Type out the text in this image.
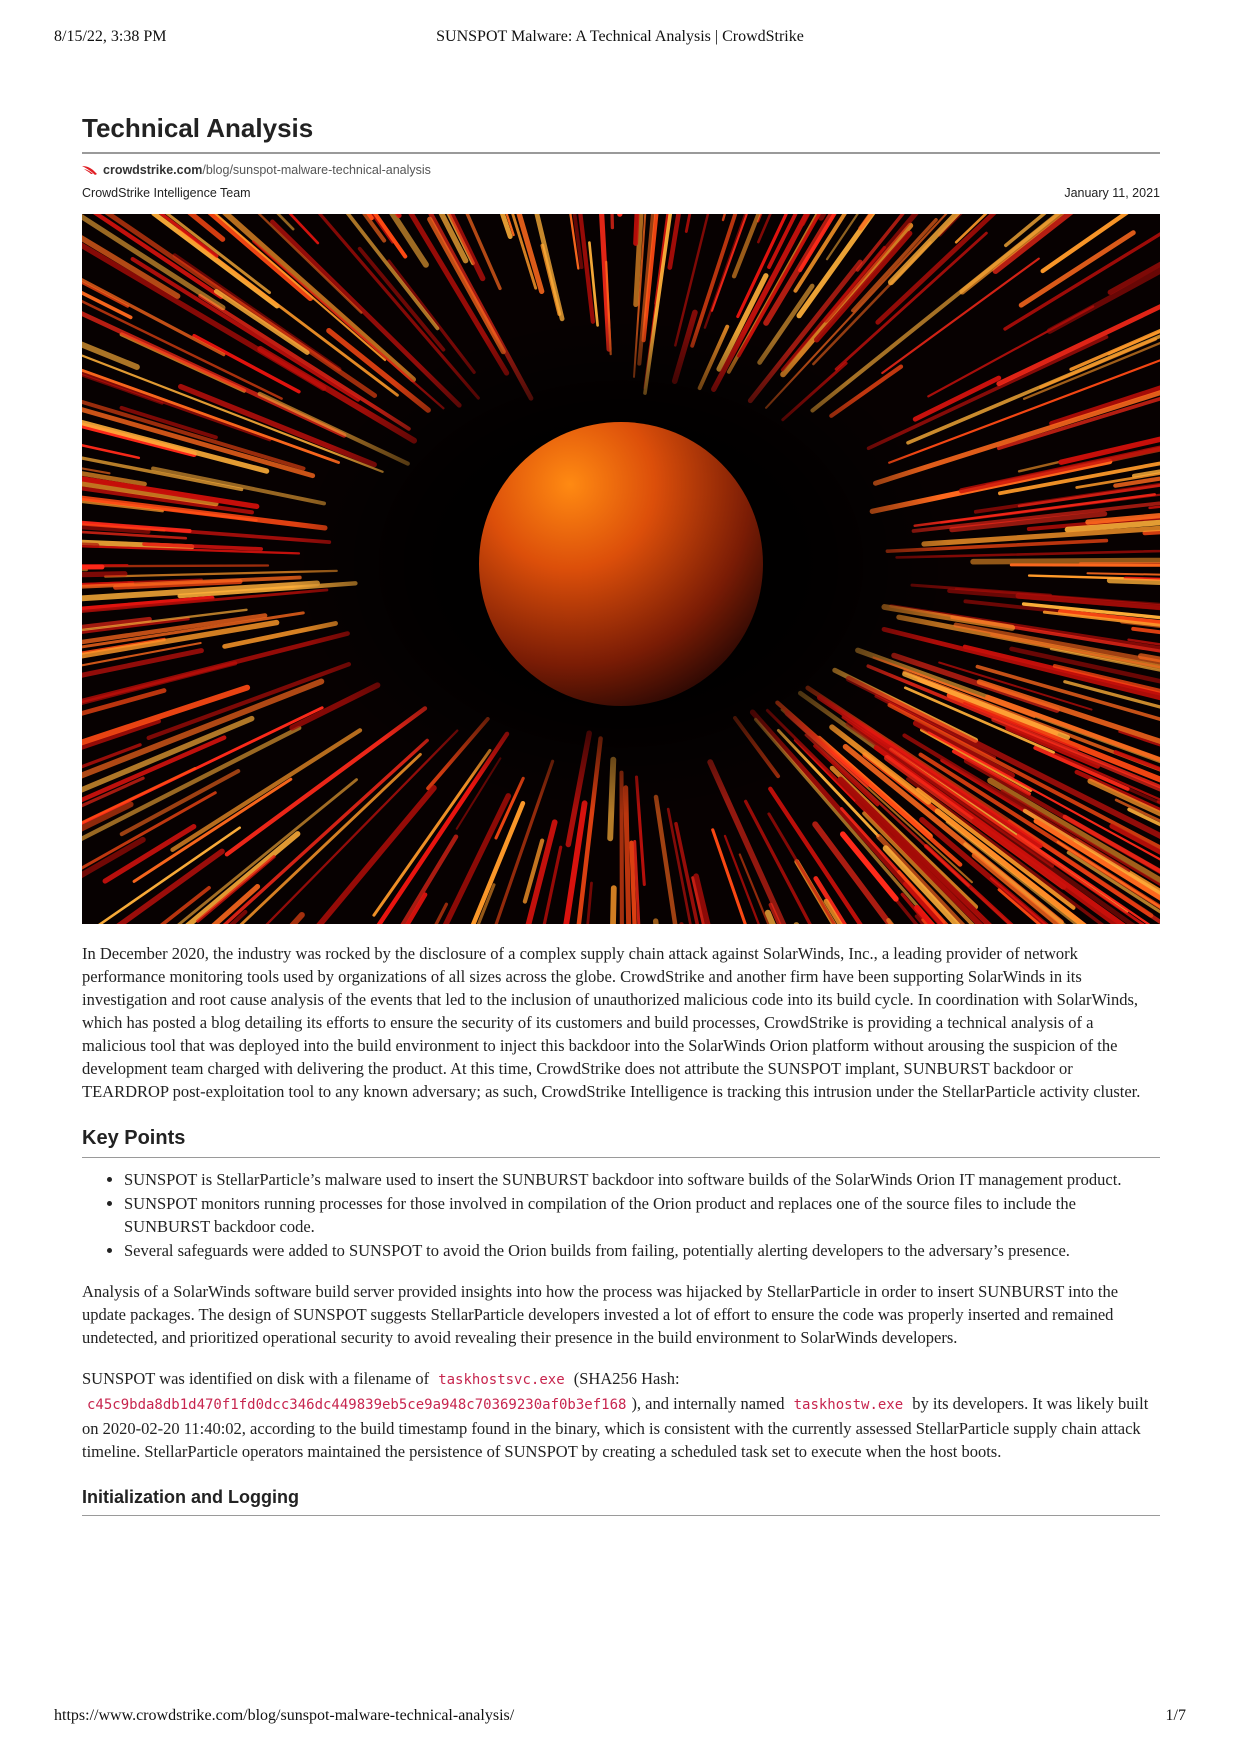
8/15/22, 3:38 PM	SUNSPOT Malware: A Technical Analysis | CrowdStrike
Technical Analysis
crowdstrike.com /blog/sunspot-malware-technical-analysis
CrowdStrike Intelligence Team	January 11, 2021

In December 2020, the industry was rocked by the disclosure of a complex supply chain attack against SolarWinds, Inc., a leading provider of network performance monitoring tools used by organizations of all sizes across the globe. CrowdStrike and another firm have been supporting SolarWinds in its investigation and root cause analysis of the events that led to the inclusion of unauthorized malicious code into its build cycle. In coordination with SolarWinds, which has posted a blog detailing its efforts to ensure the security of its customers and build processes, CrowdStrike is providing a technical analysis of a malicious tool that was deployed into the build environment to inject this backdoor into the SolarWinds Orion platform without arousing the suspicion of the development team charged with delivering the product. At this time, CrowdStrike does not attribute the SUNSPOT implant, SUNBURST backdoor or TEARDROP post-exploitation tool to any known adversary; as such, CrowdStrike Intelligence is tracking this intrusion under the StellarParticle activity cluster.

Key Points
• SUNSPOT is StellarParticle’s malware used to insert the SUNBURST backdoor into software builds of the SolarWinds Orion IT management product.
• SUNSPOT monitors running processes for those involved in compilation of the Orion product and replaces one of the source files to include the SUNBURST backdoor code.
• Several safeguards were added to SUNSPOT to avoid the Orion builds from failing, potentially alerting developers to the adversary’s presence.

Analysis of a SolarWinds software build server provided insights into how the process was hijacked by StellarParticle in order to insert SUNBURST into the update packages. The design of SUNSPOT suggests StellarParticle developers invested a lot of effort to ensure the code was properly inserted and remained undetected, and prioritized operational security to avoid revealing their presence in the build environment to SolarWinds developers.

SUNSPOT was identified on disk with a filename of taskhostsvc.exe (SHA256 Hash: c45c9bda8db1d470f1fd0dcc346dc449839eb5ce9a948c70369230af0b3ef168 ), and internally named taskhostw.exe by its developers. It was likely built on 2020-02-20 11:40:02, according to the build timestamp found in the binary, which is consistent with the currently assessed StellarParticle supply chain attack timeline. StellarParticle operators maintained the persistence of SUNSPOT by creating a scheduled task set to execute when the host boots.

Initialization and Logging
https://www.crowdstrike.com/blog/sunspot-malware-technical-analysis/	1/7
